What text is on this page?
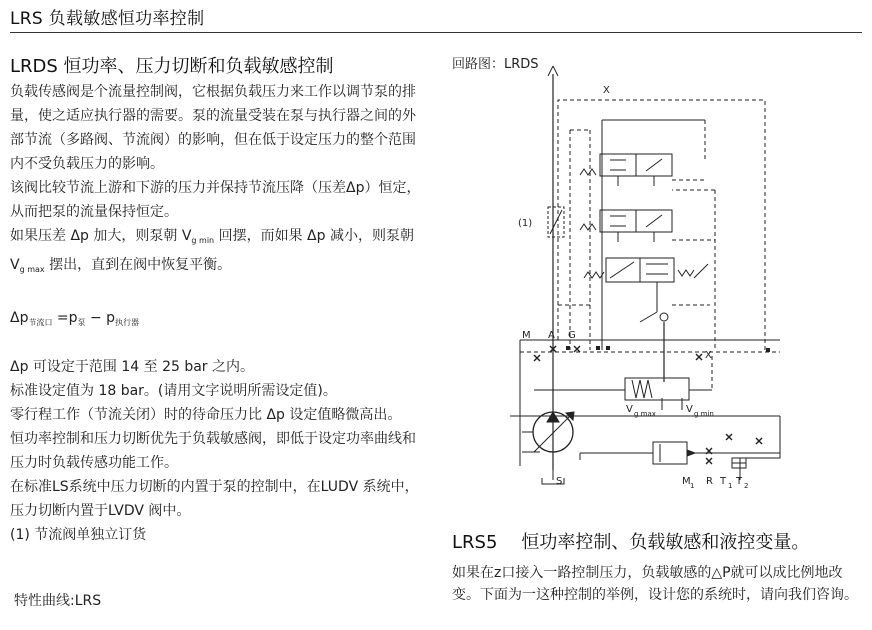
LRS 负载敏感恒功率控制
LRDS 恒功率、压力切断和负载敏感控制

负载传感阀是个流量控制阀，它根据负载压力来工作以调节泵的排量，使之适应执行器的需要。泵的流量受装在泵与执行器之间的外部节流（多路阀、节流阀）的影响，但在低于设定压力的整个范围内不受负载压力的影响。

该阀比较节流上游和下游的压力并保持节流压降（压差Δp）恒定，从而把泵的流量保持恒定。

如果压差 Δp 加大，则泵朝 $V_{g min}$ 回摆，而如果 Δp 减小，则泵朝 $V_{g max}$ 摆出，直到在阀中恢复平衡。

$\Delta p_{节流口} =p_泵 - p_{执行器}$

Δp 可设定于范围 14 至 25 bar 之内。

标准设定值为 18 bar。(请用文字说明所需设定值)。

零行程工作（节流关闭）时的待命压力比 Δp 设定值略微高出。

恒功率控制和压力切断优先于负载敏感阀，即低于设定功率曲线和压力时负载传感功能工作。

在标准LS系统中压力切断的内置于泵的控制中，在LUDV 系统中，压力切断内置于LVDV 阀中。

(1) 节流阀单独立订货

回路图：LRDS
X
X
M A G
S	M 1 R T 1 T 2
(1)
V g max	V g min
LRS5 恒功率控制、负载敏感和液控变量。

如果在z口接入一路控制压力，负载敏感的△P就可以成比例地改变。下面为一这种控制的举例，设计您的系统时，请向我们咨询。

特性曲线:LRS
